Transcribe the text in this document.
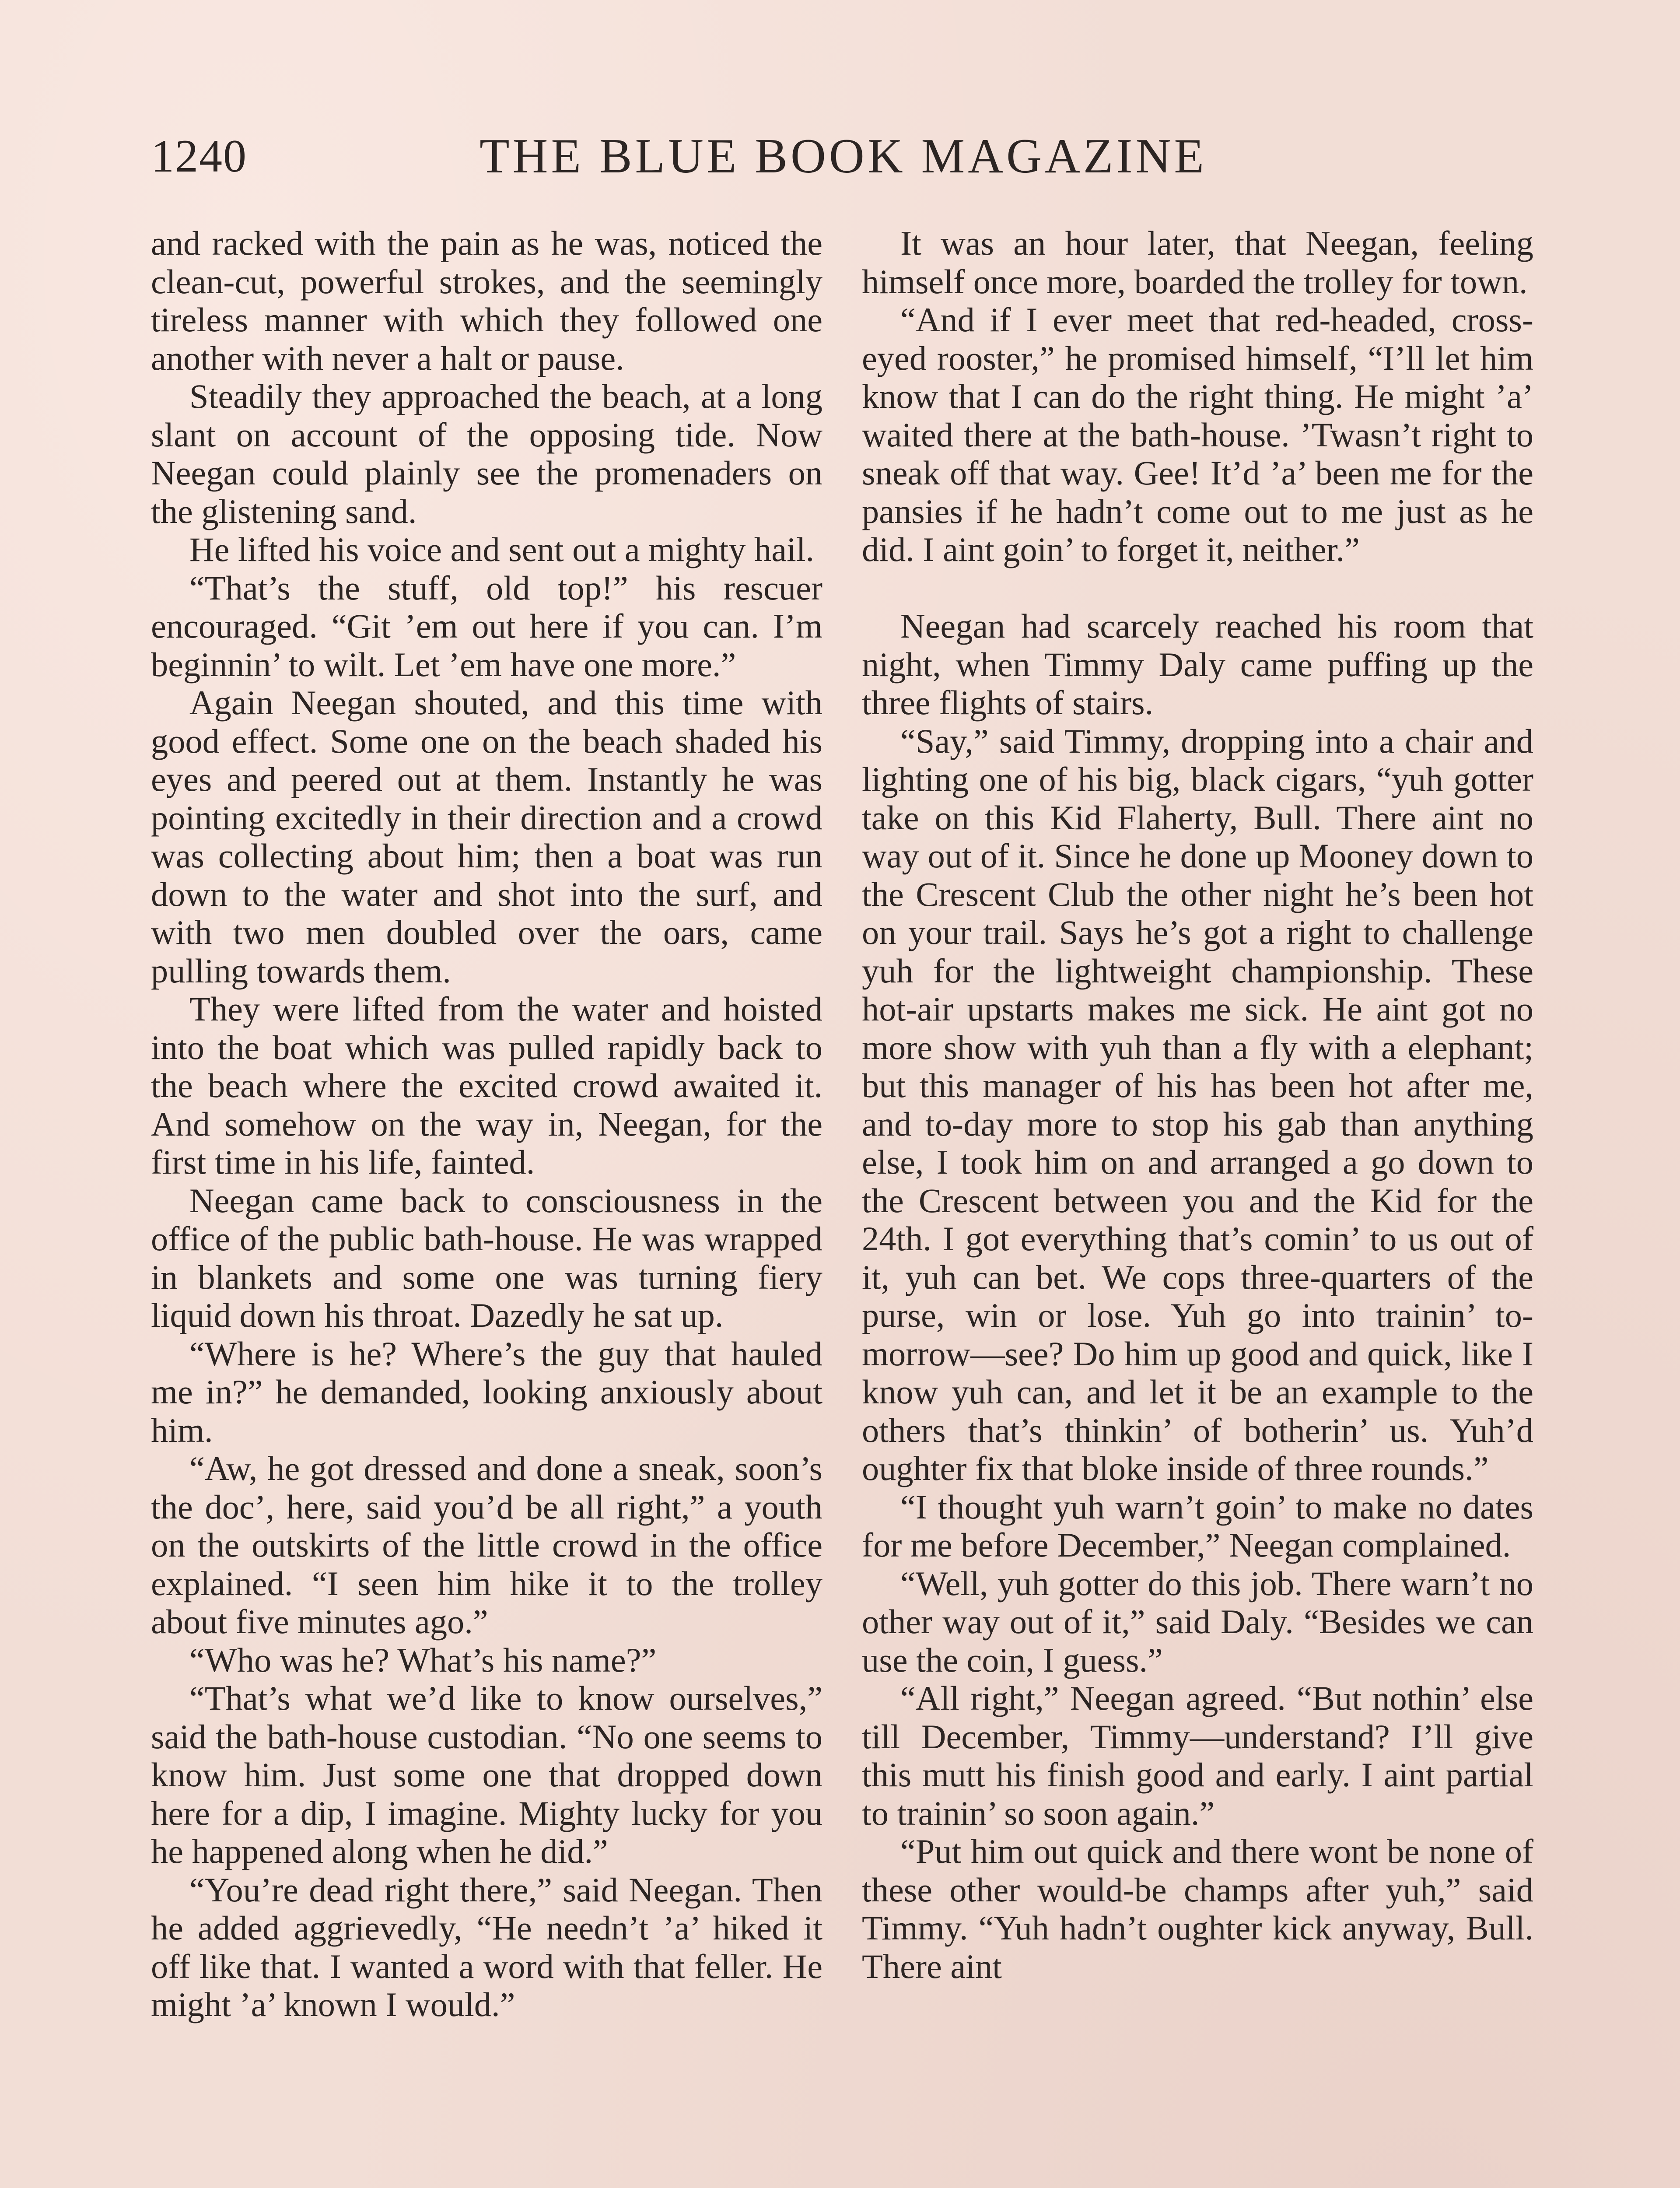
1240	THE BLUE BOOK MAGAZINE

and racked with the pain as he was, noticed the clean-cut, powerful strokes, and the seemingly tireless manner with which they followed one another with never a halt or pause.

Steadily they approached the beach, at a long slant on account of the opposing tide. Now Neegan could plainly see the promenaders on the glistening sand.

He lifted his voice and sent out a mighty hail.

“That’s the stuff, old top!” his rescuer encouraged. “Git ’em out here if you can. I’m beginnin’ to wilt. Let ’em have one more.”

Again Neegan shouted, and this time with good effect. Some one on the beach shaded his eyes and peered out at them. Instantly he was pointing excitedly in their direction and a crowd was collecting about him; then a boat was run down to the water and shot into the surf, and with two men doubled over the oars, came pulling towards them.

They were lifted from the water and hoisted into the boat which was pulled rapidly back to the beach where the excited crowd awaited it. And somehow on the way in, Neegan, for the first time in his life, fainted.

Neegan came back to consciousness in the office of the public bath-house. He was wrapped in blankets and some one was turning fiery liquid down his throat. Dazedly he sat up.

“Where is he? Where’s the guy that hauled me in?” he demanded, looking anxiously about him.

“Aw, he got dressed and done a sneak, soon’s the doc’, here, said you’d be all right,” a youth on the outskirts of the little crowd in the office explained. “I seen him hike it to the trolley about five minutes ago.”

“Who was he? What’s his name?”

“That’s what we’d like to know ourselves,” said the bath-house custodian. “No one seems to know him. Just some one that dropped down here for a dip, I imagine. Mighty lucky for you he happened along when he did.”

“You’re dead right there,” said Neegan. Then he added aggrievedly, “He needn’t ’a’ hiked it off like that. I wanted a word with that feller. He might ’a’ known I would.”

It was an hour later, that Neegan, feeling himself once more, boarded the trolley for town.

“And if I ever meet that red-headed, cross-eyed rooster,” he promised himself, “I’ll let him know that I can do the right thing. He might ’a’ waited there at the bath-house. ’Twasn’t right to sneak off that way. Gee! It’d ’a’ been me for the pansies if he hadn’t come out to me just as he did. I aint goin’ to forget it, neither.”

Neegan had scarcely reached his room that night, when Timmy Daly came puffing up the three flights of stairs.

“Say,” said Timmy, dropping into a chair and lighting one of his big, black cigars, “yuh gotter take on this Kid Flaherty, Bull. There aint no way out of it. Since he done up Mooney down to the Crescent Club the other night he’s been hot on your trail. Says he’s got a right to challenge yuh for the lightweight championship. These hot-air upstarts makes me sick. He aint got no more show with yuh than a fly with a elephant; but this manager of his has been hot after me, and to-day more to stop his gab than anything else, I took him on and arranged a go down to the Crescent between you and the Kid for the 24th. I got everything that’s comin’ to us out of it, yuh can bet. We cops three-quarters of the purse, win or lose. Yuh go into trainin’ to-morrow—see? Do him up good and quick, like I know yuh can, and let it be an example to the others that’s thinkin’ of botherin’ us. Yuh’d oughter fix that bloke inside of three rounds.”

“I thought yuh warn’t goin’ to make no dates for me before December,” Neegan complained.

“Well, yuh gotter do this job. There warn’t no other way out of it,” said Daly. “Besides we can use the coin, I guess.”

“All right,” Neegan agreed. “But nothin’ else till December, Timmy—understand? I’ll give this mutt his finish good and early. I aint partial to trainin’ so soon again.”

“Put him out quick and there wont be none of these other would-be champs after yuh,” said Timmy. “Yuh hadn’t oughter kick anyway, Bull. There aint
